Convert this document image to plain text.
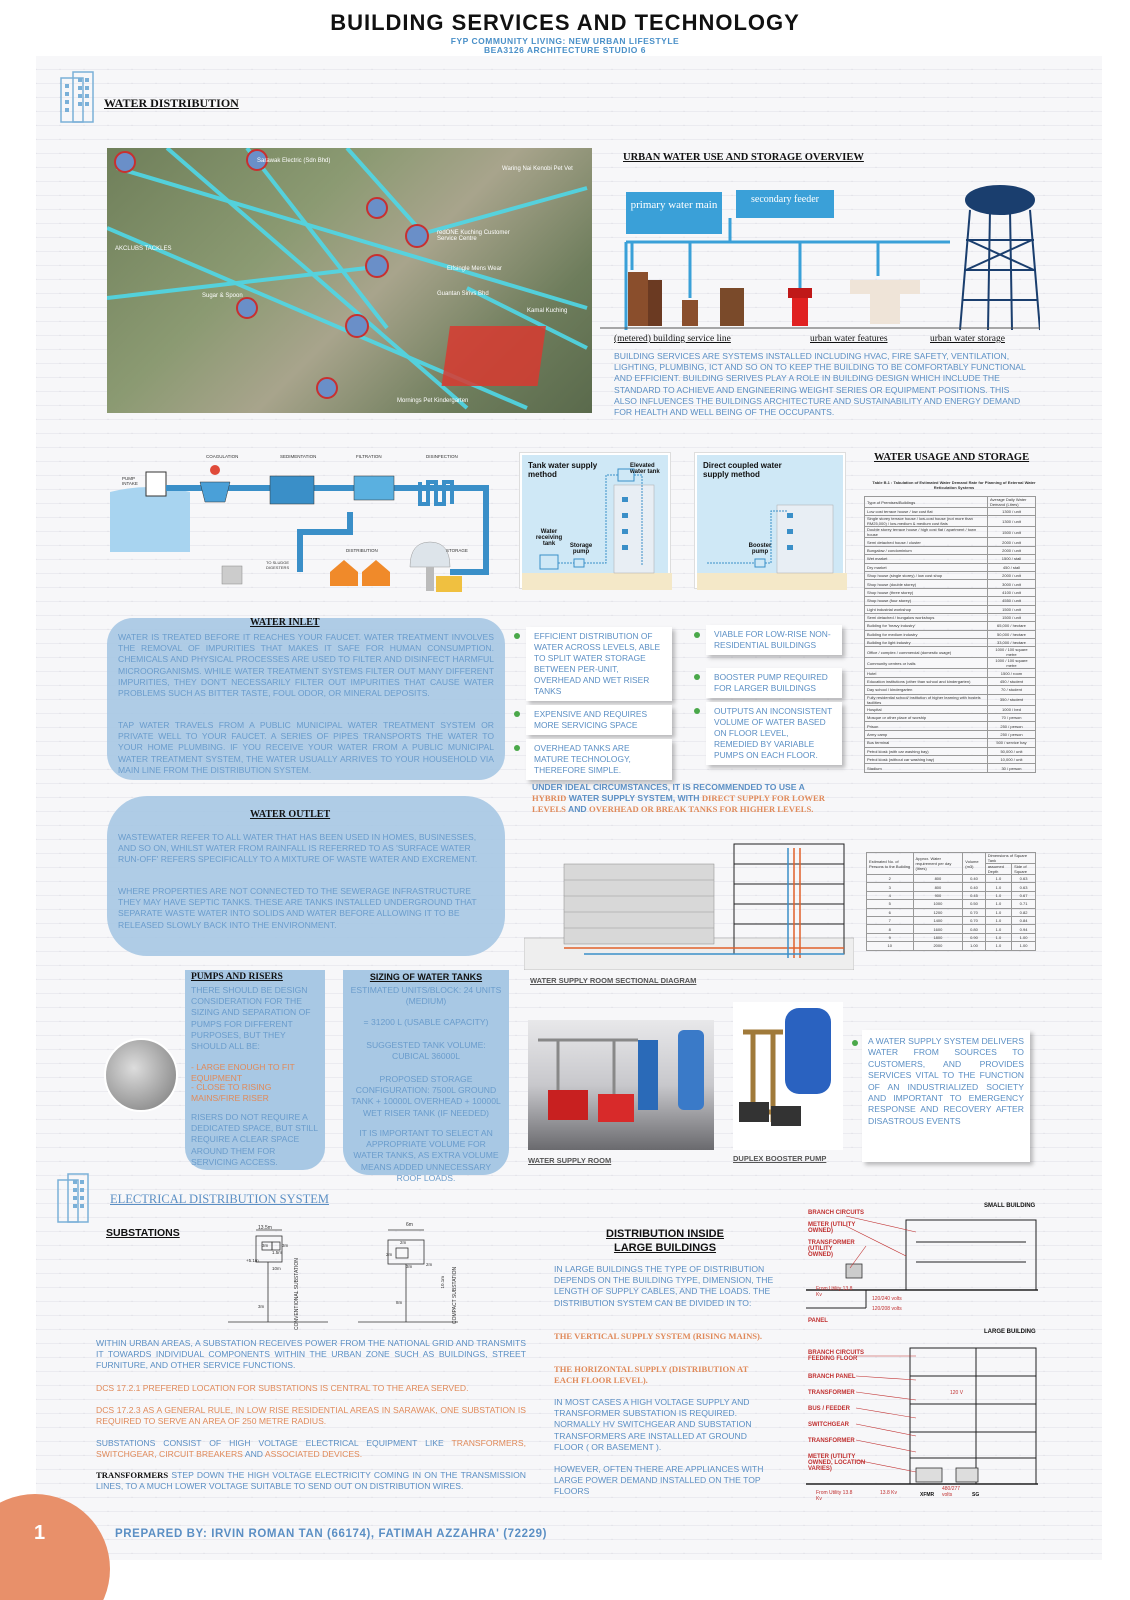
BUILDING SERVICES AND TECHNOLOGY
FYP COMMUNITY LIVING: NEW URBAN LIFESTYLE
BEA3126 ARCHITECTURE STUDIO 6
WATER DISTRIBUTION
Sarawak Electric (Sdn Bhd)
Waring Nai Kenobi Pet Vet
AKCLUBS TACKLES
redONE Kuching Customer Service Centre
Elfsingle Mens Wear
Sugar & Spoon	Guantan Sirivs Bhd
Kamal Kuching
Mornings Pet Kindergarten
URBAN WATER USE AND STORAGE OVERVIEW
primary water main	secondary feeder
(metered) building service line	urban water features	urban water storage
BUILDING SERVICES ARE SYSTEMS INSTALLED INCLUDING HVAC, FIRE SAFETY, VENTILATION, LIGHTING, PLUMBING, ICT AND SO ON TO KEEP THE BUILDING TO BE COMFORTABLY FUNCTIONAL AND EFFICIENT. BUILDING SERIVES PLAY A ROLE IN BUILDING DESIGN WHICH INCLUDE THE STANDARD TO ACHIEVE AND ENGINEERING WEIGHT SERIES OR EQUIPMENT POSITIONS. THIS ALSO INFLUENCES THE BUILDINGS ARCHITECTURE AND SUSTAINABILITY AND ENERGY DEMAND FOR HEALTH AND WELL BEING OF THE OCCUPANTS.
COAGULATION	SEDIMENTATION	FILTRATION	DISINFECTION
PUMP INTAKE
TO SLUDGE DIGESTERS
DISTRIBUTION	STORAGE
Tank water supply method
Elevated water tank
Water receiving tank	Storage pump
Direct coupled water supply method
Booster pump
WATER USAGE AND STORAGE
Table B.1 : Tabulation of Estimated Water Demand Rate for Planning of External Water Reticulation Systems
Type of Premises/Buildings	Average Daily Water Demand (Litres)
Low cost terrace house / low cost flat	1300 / unit
Single storey terrace house / low-cost house (not more than RM25,000) / low-medium & medium cost flats	1300 / unit
Double storey terrace house / high cost flat / apartment / town house	1500 / unit
Semi detached house / cluster	2000 / unit
Bungalow / condominium	2000 / unit
Wet market	1500 / stall
Dry market	450 / stall
Shop house (single storey) / low cost shop	2000 / unit
Shop house (double storey)	3000 / unit
Shop house (three storey)	4100 / unit
Shop house (four storey)	4550 / unit
Light industrial workshop	1500 / unit
Semi detached / bungalow workshops	1500 / unit
Building for 'heavy industry'	65,000 / hectare
Building for medium industry	50,000 / hectare
Building for light industry	33,000 / hectare
Office / complex / commercial (domestic usage)	1000 / 100 square metre
Community centres or halls	1000 / 100 square metre
Hotel	1500 / room
Education institutions (other than school and kindergarten)	450 / student
Day school / kindergarten	70 / student
Fully residential school/ institution of higher learning with hostels facilities	350 / student
Hospital	1000 / bed
Mosque or other place of worship	70 / person
Prison	250 / person
Army camp	250 / person
Bus terminal	500 / service bay
Petrol kiosk (with car washing bay)	50,000 / unit
Petrol kiosk (without car washing bay)	10,000 / unit
Stadium	30 / person
WATER INLET
WATER IS TREATED BEFORE IT REACHES YOUR FAUCET. WATER TREATMENT INVOLVES THE REMOVAL OF IMPURITIES THAT MAKES IT SAFE FOR HUMAN CONSUMPTION. CHEMICALS AND PHYSICAL PROCESSES ARE USED TO FILTER AND DISINFECT HARMFUL MICROORGANISMS. WHILE WATER TREATMENT SYSTEMS FILTER OUT MANY DIFFERENT IMPURITIES, THEY DON'T NECESSARILY FILTER OUT IMPURITIES THAT CAUSE WATER PROBLEMS SUCH AS BITTER TASTE, FOUL ODOR, OR MINERAL DEPOSITS.
TAP WATER TRAVELS FROM A PUBLIC MUNICIPAL WATER TREATMENT SYSTEM OR PRIVATE WELL TO YOUR FAUCET. A SERIES OF PIPES TRANSPORTS THE WATER TO YOUR HOME PLUMBING. IF YOU RECEIVE YOUR WATER FROM A PUBLIC MUNICIPAL WATER TREATMENT SYSTEM, THE WATER USUALLY ARRIVES TO YOUR HOUSEHOLD VIA MAIN LINE FROM THE DISTRIBUTION SYSTEM.
EFFICIENT DISTRIBUTION OF WATER ACROSS LEVELS, ABLE TO SPLIT WATER STORAGE BETWEEN PER-UNIT, OVERHEAD AND WET RISER TANKS
EXPENSIVE AND REQUIRES MORE SERVICING SPACE
OVERHEAD TANKS ARE MATURE TECHNOLOGY, THEREFORE SIMPLE.
VIABLE FOR LOW-RISE NON-RESIDENTIAL BUILDINGS
BOOSTER PUMP REQUIRED FOR LARGER BUILDINGS
OUTPUTS AN INCONSISTENT VOLUME OF WATER BASED ON FLOOR LEVEL, REMEDIED BY VARIABLE PUMPS ON EACH FLOOR.
UNDER IDEAL CIRCUMSTANCES, IT IS RECOMMENDED TO USE A HYBRID WATER SUPPLY SYSTEM, WITH DIRECT SUPPLY FOR LOWER LEVELS AND OVERHEAD OR BREAK TANKS FOR HIGHER LEVELS.
WATER OUTLET
WASTEWATER REFER TO ALL WATER THAT HAS BEEN USED IN HOMES, BUSINESSES, AND SO ON, WHILST WATER FROM RAINFALL IS REFERRED TO AS 'SURFACE WATER RUN-OFF' REFERS SPECIFICALLY TO A MIXTURE OF WASTE WATER AND EXCREMENT.
WHERE PROPERTIES ARE NOT CONNECTED TO THE SEWERAGE INFRASTRUCTURE THEY MAY HAVE SEPTIC TANKS. THESE ARE TANKS INSTALLED UNDERGROUND THAT SEPARATE WASTE WATER INTO SOLIDS AND WATER BEFORE ALLOWING IT TO BE RELEASED SLOWLY BACK INTO THE ENVIRONMENT.
Estimated No. of Persons to the Building	Approx. Water requirement per day (litres)	Volume (m3)	Dimensions of Square Tank	
			assumed Depth	Side of Square
2	800	0.40	1.0	0.63
3	800	0.40	1.0	0.63
4	900	0.45	1.0	0.67
5	1000	0.50	1.0	0.71
6	1200	0.70	1.0	0.82
7	1400	0.70	1.0	0.84
8	1600	0.80	1.0	0.94
9	1800	0.90	1.0	1.00
10	2000	1.00	1.0	1.00
PUMPS AND RISERS
THERE SHOULD BE DESIGN CONSIDERATION FOR THE SIZING AND SEPARATION OF PUMPS FOR DIFFERENT PURPOSES, BUT THEY SHOULD ALL BE:
- LARGE ENOUGH TO FIT EQUIPMENT
- CLOSE TO RISING MAINS/FIRE RISER
RISERS DO NOT REQUIRE A DEDICATED SPACE, BUT STILL REQUIRE A CLEAR SPACE AROUND THEM FOR SERVICING ACCESS.
SIZING OF WATER TANKS
ESTIMATED UNITS/BLOCK: 24 UNITS (MEDIUM)
= 31200 L (USABLE CAPACITY)
SUGGESTED TANK VOLUME: CUBICAL 36000L
PROPOSED STORAGE CONFIGURATION: 7500L GROUND TANK + 10000L OVERHEAD + 10000L WET RISER TANK (IF NEEDED)
IT IS IMPORTANT TO SELECT AN APPROPRIATE VOLUME FOR WATER TANKS, AS EXTRA VOLUME MEANS ADDED UNNECESSARY ROOF LOADS.
WATER SUPPLY ROOM SECTIONAL DIAGRAM
WATER SUPPLY ROOM	DUPLEX BOOSTER PUMP
A WATER SUPPLY SYSTEM DELIVERS WATER FROM SOURCES TO CUSTOMERS, AND PROVIDES SERVICES VITAL TO THE FUNCTION OF AN INDUSTRIALIZED SOCIETY AND IMPORTANT TO EMERGENCY RESPONSE AND RECOVERY AFTER DISASTROUS EVENTS
ELECTRICAL DISTRIBUTION SYSTEM
SUBSTATIONS	13.5m
3m
1.5m
3m
10m
3m
+5.1m	CONVENTIONAL SUBSTATION
6m
2m
2m
2m
3m
8m
10.1m COMPACT SUBSTATION
WITHIN URBAN AREAS, A SUBSTATION RECEIVES POWER FROM THE NATIONAL GRID AND TRANSMITS IT TOWARDS INDIVIDUAL COMPONENTS WITHIN THE URBAN ZONE SUCH AS BUILDINGS, STREET FURNITURE, AND OTHER SERVICE FUNCTIONS.
DCS 17.2.1 PREFERED LOCATION FOR SUBSTATIONS IS CENTRAL TO THE AREA SERVED.
DCS 17.2.3 AS A GENERAL RULE, IN LOW RISE RESIDENTIAL AREAS IN SARAWAK, ONE SUBSTATION IS REQUIRED TO SERVE AN AREA OF 250 METRE RADIUS.
SUBSTATIONS CONSIST OF HIGH VOLTAGE ELECTRICAL EQUIPMENT LIKE TRANSFORMERS, SWITCHGEAR, CIRCUIT BREAKERS AND ASSOCIATED DEVICES.
TRANSFORMERS STEP DOWN THE HIGH VOLTAGE ELECTRICITY COMING IN ON THE TRANSMISSION LINES, TO A MUCH LOWER VOLTAGE SUITABLE TO SEND OUT ON DISTRIBUTION WIRES.
DISTRIBUTION INSIDE
LARGE BUILDINGS
IN LARGE BUILDINGS THE TYPE OF DISTRIBUTION DEPENDS ON THE BUILDING TYPE, DIMENSION, THE LENGTH OF SUPPLY CABLES, AND THE LOADS. THE DISTRIBUTION SYSTEM CAN BE DIVIDED IN TO:
THE VERTICAL SUPPLY SYSTEM (RISING MAINS).
THE HORIZONTAL SUPPLY (DISTRIBUTION AT EACH FLOOR LEVEL).
IN MOST CASES A HIGH VOLTAGE SUPPLY AND TRANSFORMER SUBSTATION IS REQUIRED. NORMALLY HV SWITCHGEAR AND SUBSTATION TRANSFORMERS ARE INSTALLED AT GROUND FLOOR ( OR BASEMENT ).
HOWEVER, OFTEN THERE ARE APPLIANCES WITH LARGE POWER DEMAND INSTALLED ON THE TOP FLOORS
SMALL BUILDING
BRANCH CIRCUITS
METER (UTILITY OWNED)
TRANSFORMER (UTILITY OWNED)
From Utility 13.8 Kv
120/240 volts
120/208 volts
PANEL
LARGE BUILDING
BRANCH CIRCUITS FEEDING FLOOR
BRANCH PANEL
TRANSFORMER
BUS / FEEDER
SWITCHGEAR
TRANSFORMER
METER (UTILITY OWNED, LOCATION VARIES)
120 V
From Utility 13.8 Kv
13.8 Kv	XFMR
480/277 volts	SG
1	PREPARED BY: IRVIN ROMAN TAN (66174), FATIMAH AZZAHRA' (72229)
